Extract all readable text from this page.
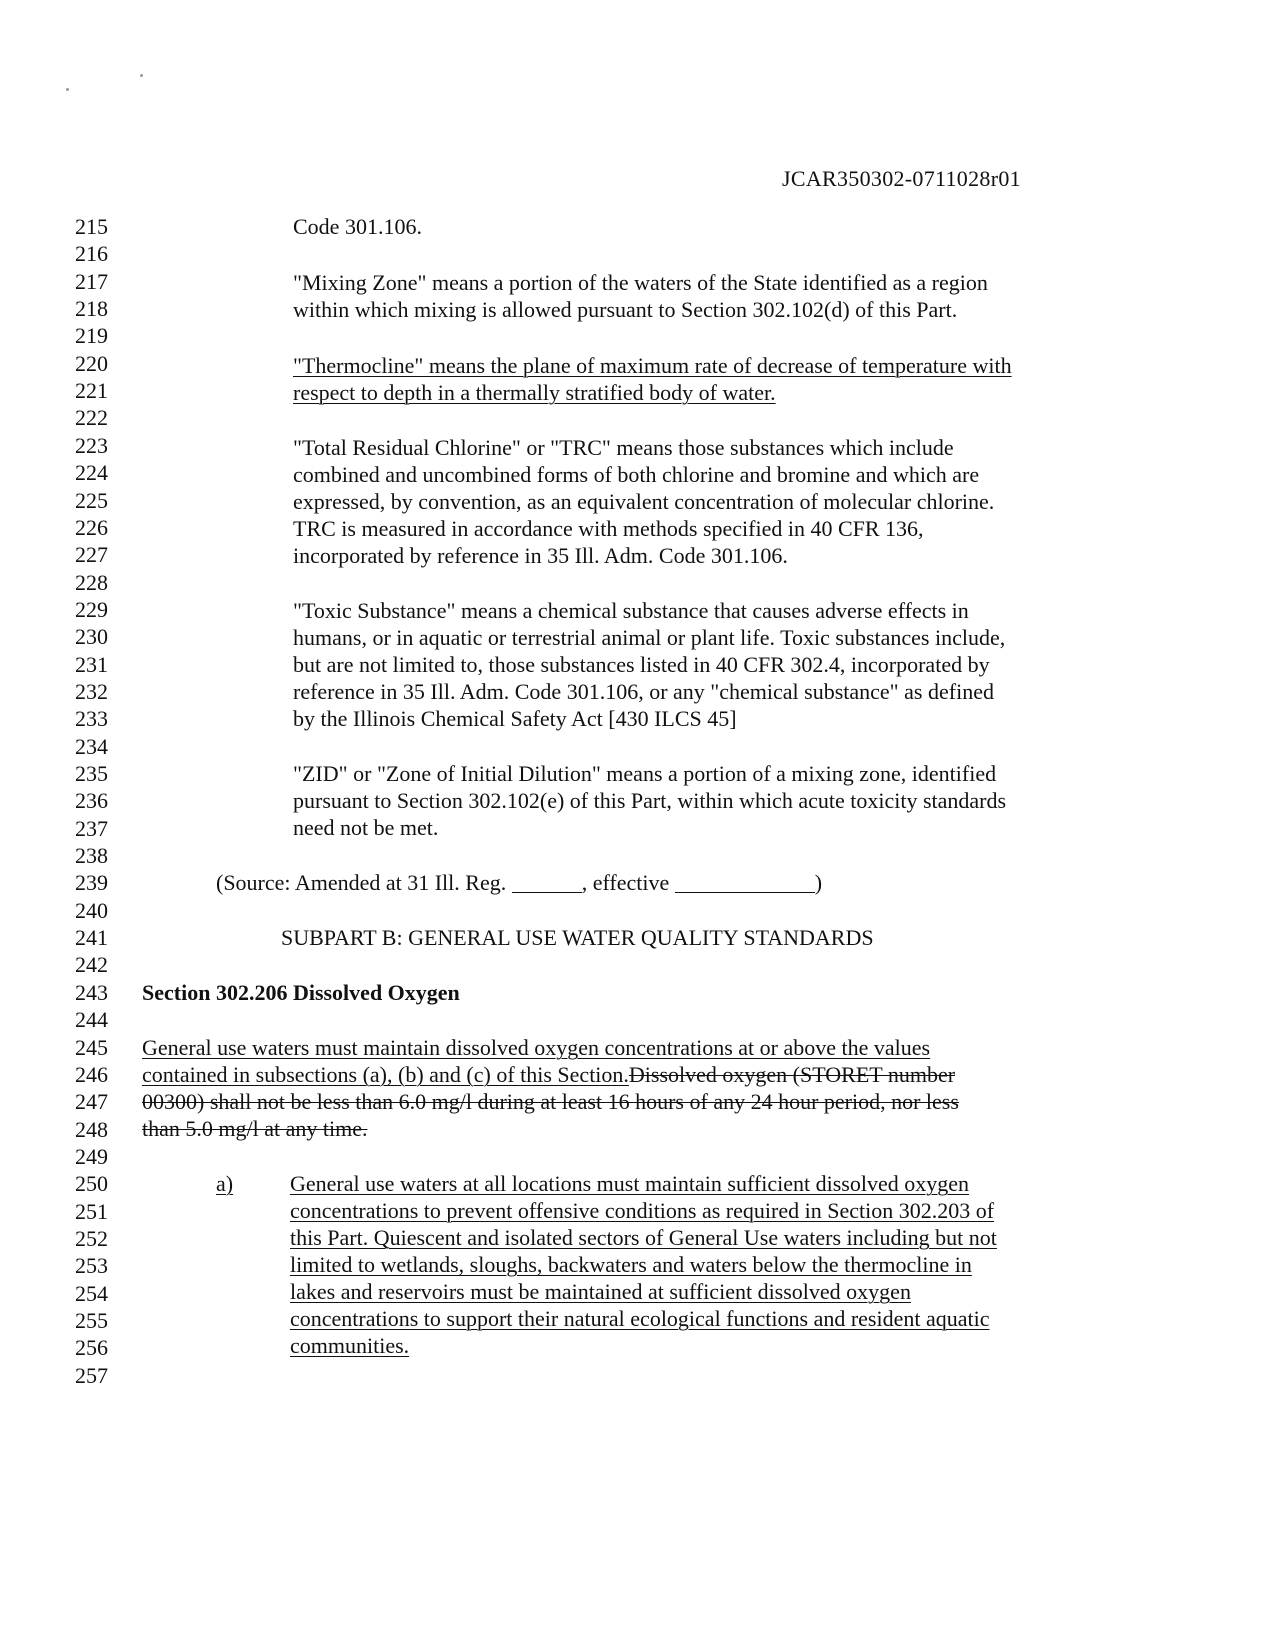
JCAR350302-0711028r01
215
216
217
218
219
220
221
222
223
224
225
226
227
228
229
230
231
232
233
234
235
236
237
238
239
240
241
242
243
244
245
246
247
248
249
250
251
252
253
254
255
256
257
Code 301.106.
"Mixing Zone" means a portion of the waters of the State identified as a region
within which mixing is allowed pursuant to Section 302.102(d) of this Part.
"Thermocline" means the plane of maximum rate of decrease of temperature with
respect to depth in a thermally stratified body of water.
"Total Residual Chlorine" or "TRC" means those substances which include
combined and uncombined forms of both chlorine and bromine and which are
expressed, by convention, as an equivalent concentration of molecular chlorine.
TRC is measured in accordance with methods specified in 40 CFR 136,
incorporated by reference in 35 Ill. Adm. Code 301.106.
"Toxic Substance" means a chemical substance that causes adverse effects in
humans, or in aquatic or terrestrial animal or plant life. Toxic substances include,
but are not limited to, those substances listed in 40 CFR 302.4, incorporated by
reference in 35 Ill. Adm. Code 301.106, or any "chemical substance" as defined
by the Illinois Chemical Safety Act [430 ILCS 45]
"ZID" or "Zone of Initial Dilution" means a portion of a mixing zone, identified
pursuant to Section 302.102(e) of this Part, within which acute toxicity standards
need not be met.
(Source: Amended at 31 Ill. Reg.	, effective	)
SUBPART B: GENERAL USE WATER QUALITY STANDARDS
Section 302.206 Dissolved Oxygen
General use waters must maintain dissolved oxygen concentrations at or above the values
contained in subsections (a), (b) and (c) of this Section.Dissolved oxygen (STORET number
00300) shall not be less than 6.0 mg/l during at least 16 hours of any 24 hour period, nor less
than 5.0 mg/l at any time.
a)	General use waters at all locations must maintain sufficient dissolved oxygen
concentrations to prevent offensive conditions as required in Section 302.203 of
this Part. Quiescent and isolated sectors of General Use waters including but not
limited to wetlands, sloughs, backwaters and waters below the thermocline in
lakes and reservoirs must be maintained at sufficient dissolved oxygen
concentrations to support their natural ecological functions and resident aquatic
communities.
